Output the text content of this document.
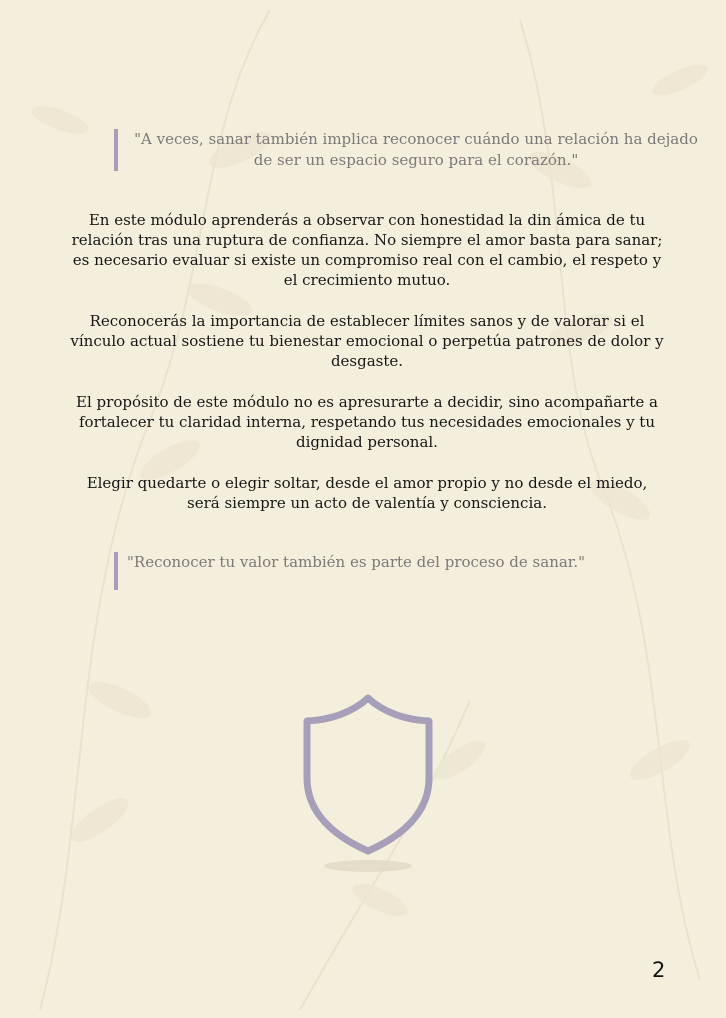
"A veces, sanar también implica reconocer cuándo una relación ha dejado de ser un espacio seguro para el corazón."

En este módulo aprenderás a observar con honestidad la din ámica de tu relación tras una ruptura de confianza. No siempre el amor basta para sanar; es necesario evaluar si existe un compromiso real con el cambio, el respeto y el crecimiento mutuo.

Reconocerás la importancia de establecer límites sanos y de valorar si el vínculo actual sostiene tu bienestar emocional o perpetúa patrones de dolor y desgaste.

El propósito de este módulo no es apresurarte a decidir, sino acompañarte a fortalecer tu claridad interna, respetando tus necesidades emocionales y tu dignidad personal.

Elegir quedarte o elegir soltar, desde el amor propio y no desde el miedo, será siempre un acto de valentía y consciencia.

"Reconocer tu valor también es parte del proceso de sanar."
2
